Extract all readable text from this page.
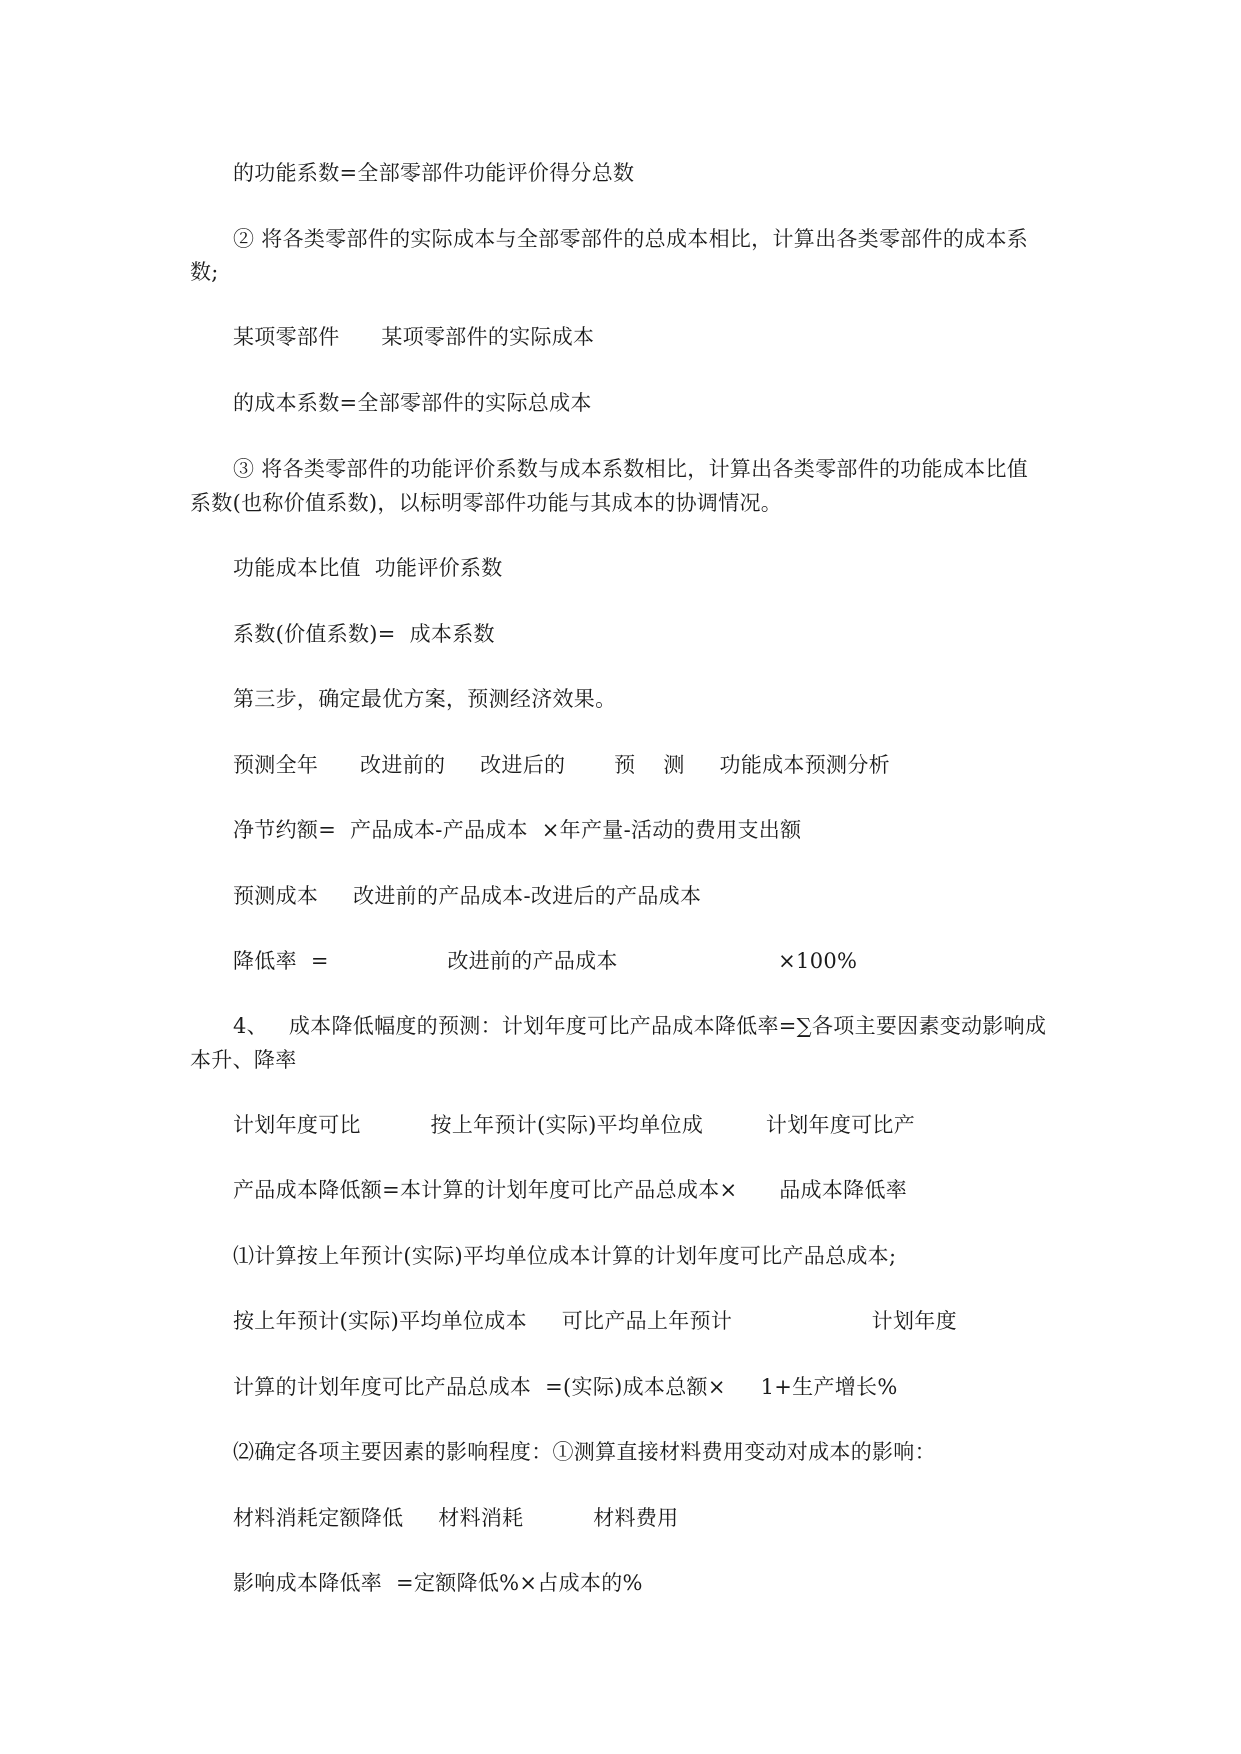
的功能系数=全部零部件功能评价得分总数
② 将各类零部件的实际成本与全部零部件的总成本相比，计算出各类零部件的成本系
数;
某项零部件      某项零部件的实际成本
的成本系数=全部零部件的实际总成本
③ 将各类零部件的功能评价系数与成本系数相比，计算出各类零部件的功能成本比值
系数(也称价值系数)，以标明零部件功能与其成本的协调情况。
功能成本比值  功能评价系数
系数(价值系数)=  成本系数
第三步，确定最优方案，预测经济效果。
预测全年      改进前的     改进后的       预    测     功能成本预测分析
净节约额=  产品成本-产品成本  ×年产量-活动的费用支出额
预测成本     改进前的产品成本-改进后的产品成本
降低率  =                 改进前的产品成本                       ×100%
4、   成本降低幅度的预测：计划年度可比产品成本降低率=∑各项主要因素变动影响成
本升、降率
计划年度可比          按上年预计(实际)平均单位成         计划年度可比产
产品成本降低额=本计算的计划年度可比产品总成本×      品成本降低率
⑴计算按上年预计(实际)平均单位成本计算的计划年度可比产品总成本;
按上年预计(实际)平均单位成本     可比产品上年预计                    计划年度
计算的计划年度可比产品总成本  =(实际)成本总额×     1+生产增长%
⑵确定各项主要因素的影响程度：①测算直接材料费用变动对成本的影响：
材料消耗定额降低     材料消耗          材料费用
影响成本降低率  =定额降低%×占成本的%
